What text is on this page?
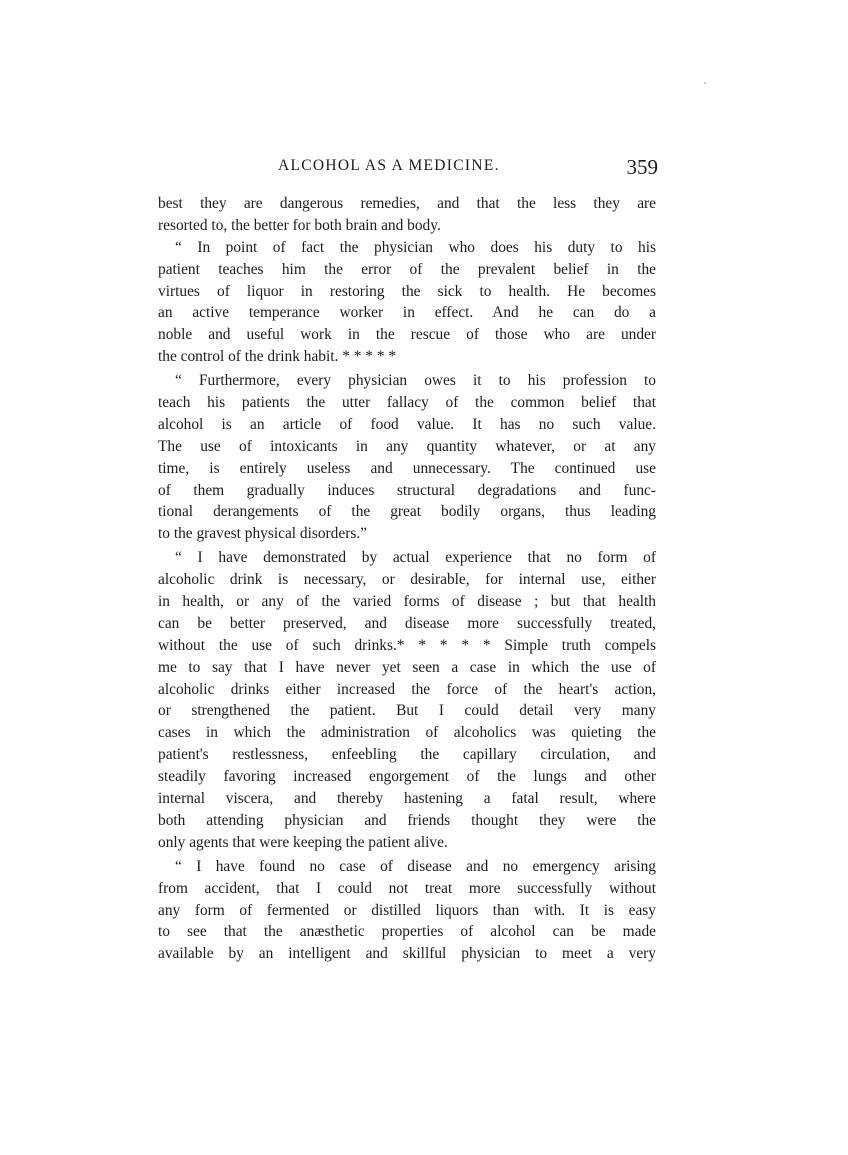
ALCOHOL AS A MEDICINE.	359
best they are dangerous remedies, and that the less they are
resorted to, the better for both brain and body.
“ In point of fact the physician who does his duty to his
patient teaches him the error of the prevalent belief in the
virtues of liquor in restoring the sick to health. He becomes
an active temperance worker in effect. And he can do a
noble and useful work in the rescue of those who are under
the control of the drink habit. * * * * *
“ Furthermore, every physician owes it to his profession to
teach his patients the utter fallacy of the common belief that
alcohol is an article of food value. It has no such value.
The use of intoxicants in any quantity whatever, or at any
time, is entirely useless and unnecessary. The continued use
of them gradually induces structural degradations and func-
tional derangements of the great bodily organs, thus leading
to the gravest physical disorders.”
“ I have demonstrated by actual experience that no form of
alcoholic drink is necessary, or desirable, for internal use, either
in health, or any of the varied forms of disease ; but that health
can be better preserved, and disease more successfully treated,
without the use of such drinks.* * * * * Simple truth compels
me to say that I have never yet seen a case in which the use of
alcoholic drinks either increased the force of the heart's action,
or strengthened the patient. But I could detail very many
cases in which the administration of alcoholics was quieting the
patient's restlessness, enfeebling the capillary circulation, and
steadily favoring increased engorgement of the lungs and other
internal viscera, and thereby hastening a fatal result, where
both attending physician and friends thought they were the
only agents that were keeping the patient alive.
“ I have found no case of disease and no emergency arising
from accident, that I could not treat more successfully without
any form of fermented or distilled liquors than with. It is easy
to see that the anæsthetic properties of alcohol can be made
available by an intelligent and skillful physician to meet a very
